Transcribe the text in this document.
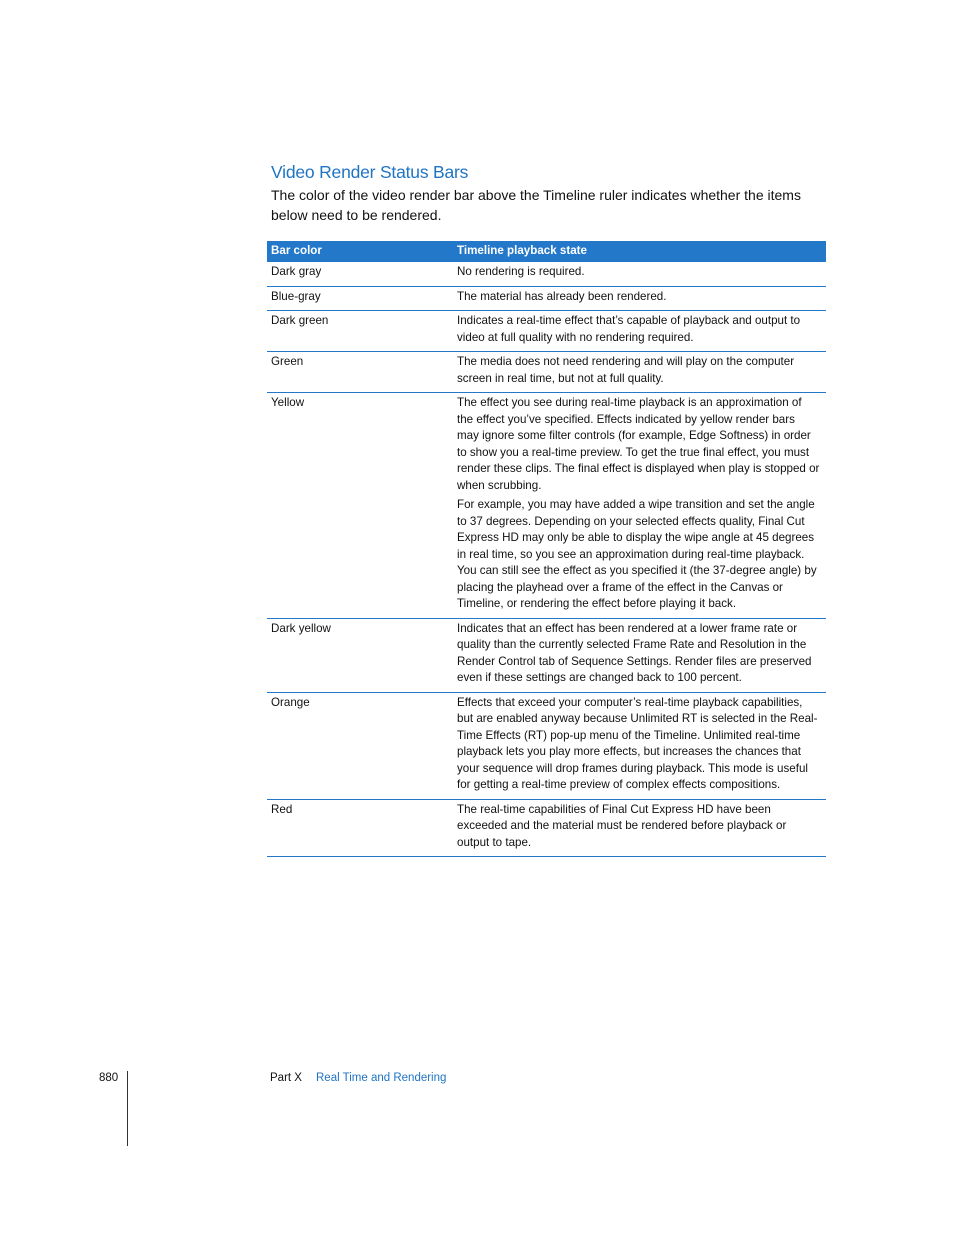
Video Render Status Bars
The color of the video render bar above the Timeline ruler indicates whether the items below need to be rendered.
Bar color	Timeline playback state
Dark gray	No rendering is required.

Blue-gray	The material has already been rendered.

Dark green	Indicates a real-time effect that’s capable of playback and output to video at full quality with no rendering required.

Green	The media does not need rendering and will play on the computer screen in real time, but not at full quality.

Yellow	The effect you see during real-time playback is an approximation of the effect you’ve specified. Effects indicated by yellow render bars may ignore some filter controls (for example, Edge Softness) in order to show you a real-time preview. To get the true final effect, you must render these clips. The final effect is displayed when play is stopped or when scrubbing.

For example, you may have added a wipe transition and set the angle to 37 degrees. Depending on your selected effects quality, Final Cut Express HD may only be able to display the wipe angle at 45 degrees in real time, so you see an approximation during real-time playback. You can still see the effect as you specified it (the 37-degree angle) by placing the playhead over a frame of the effect in the Canvas or Timeline, or rendering the effect before playing it back.

Dark yellow	Indicates that an effect has been rendered at a lower frame rate or quality than the currently selected Frame Rate and Resolution in the Render Control tab of Sequence Settings. Render files are preserved even if these settings are changed back to 100 percent.

Orange	Effects that exceed your computer’s real-time playback capabilities, but are enabled anyway because Unlimited RT is selected in the Real-Time Effects (RT) pop-up menu of the Timeline. Unlimited real-time playback lets you play more effects, but increases the chances that your sequence will drop frames during playback. This mode is useful for getting a real-time preview of complex effects compositions.

Red	The real-time capabilities of Final Cut Express HD have been exceeded and the material must be rendered before playback or output to tape.

880	Part X Real Time and Rendering
